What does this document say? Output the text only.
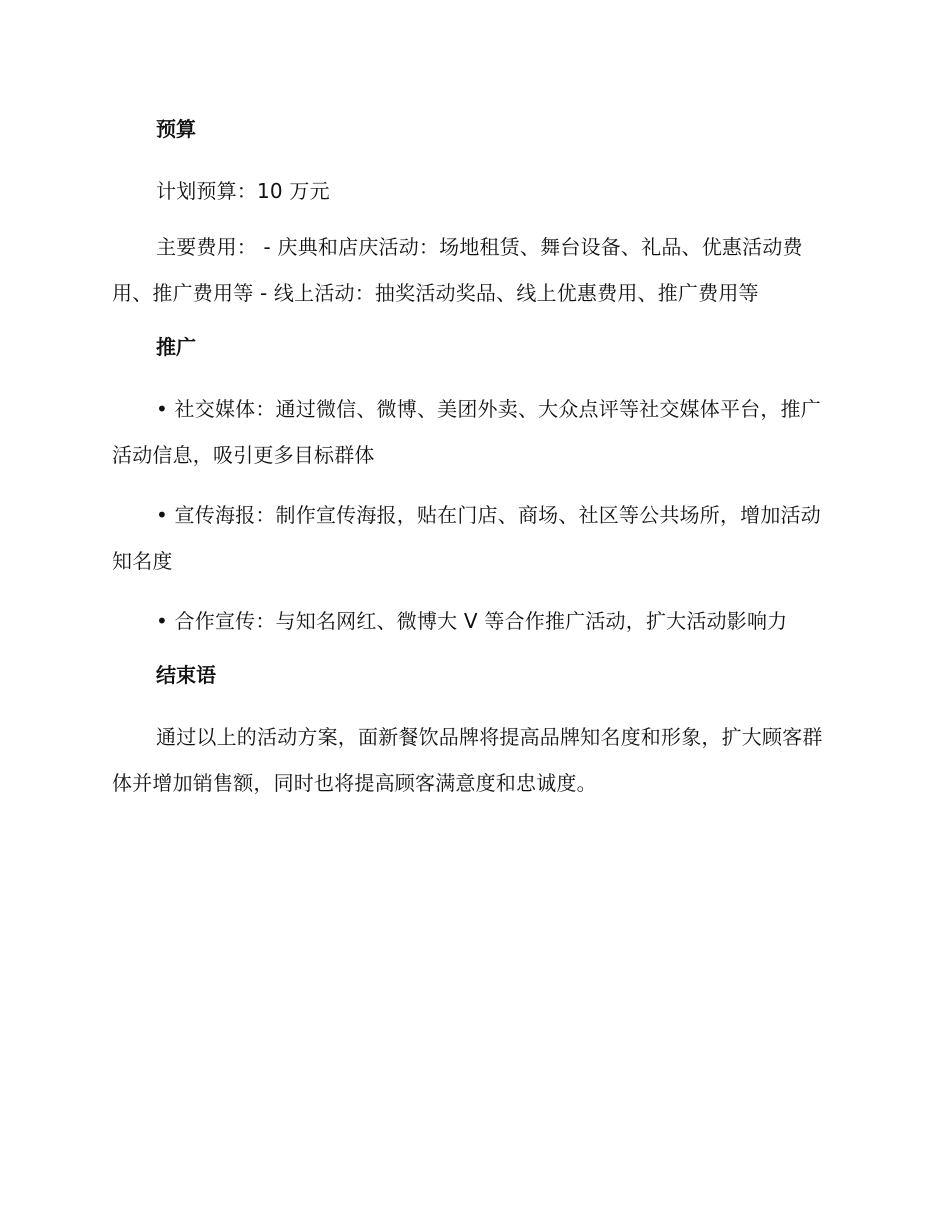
预算

计划预算：10 万元

主要费用： - 庆典和店庆活动：场地租赁、舞台设备、礼品、优惠活动费用、推广费用等 - 线上活动：抽奖活动奖品、线上优惠费用、推广费用等

推广

• 社交媒体：通过微信、微博、美团外卖、大众点评等社交媒体平台，推广活动信息，吸引更多目标群体

• 宣传海报：制作宣传海报，贴在门店、商场、社区等公共场所，增加活动知名度

• 合作宣传：与知名网红、微博大 V 等合作推广活动，扩大活动影响力

结束语

通过以上的活动方案，面新餐饮品牌将提高品牌知名度和形象，扩大顾客群体并增加销售额，同时也将提高顾客满意度和忠诚度。
